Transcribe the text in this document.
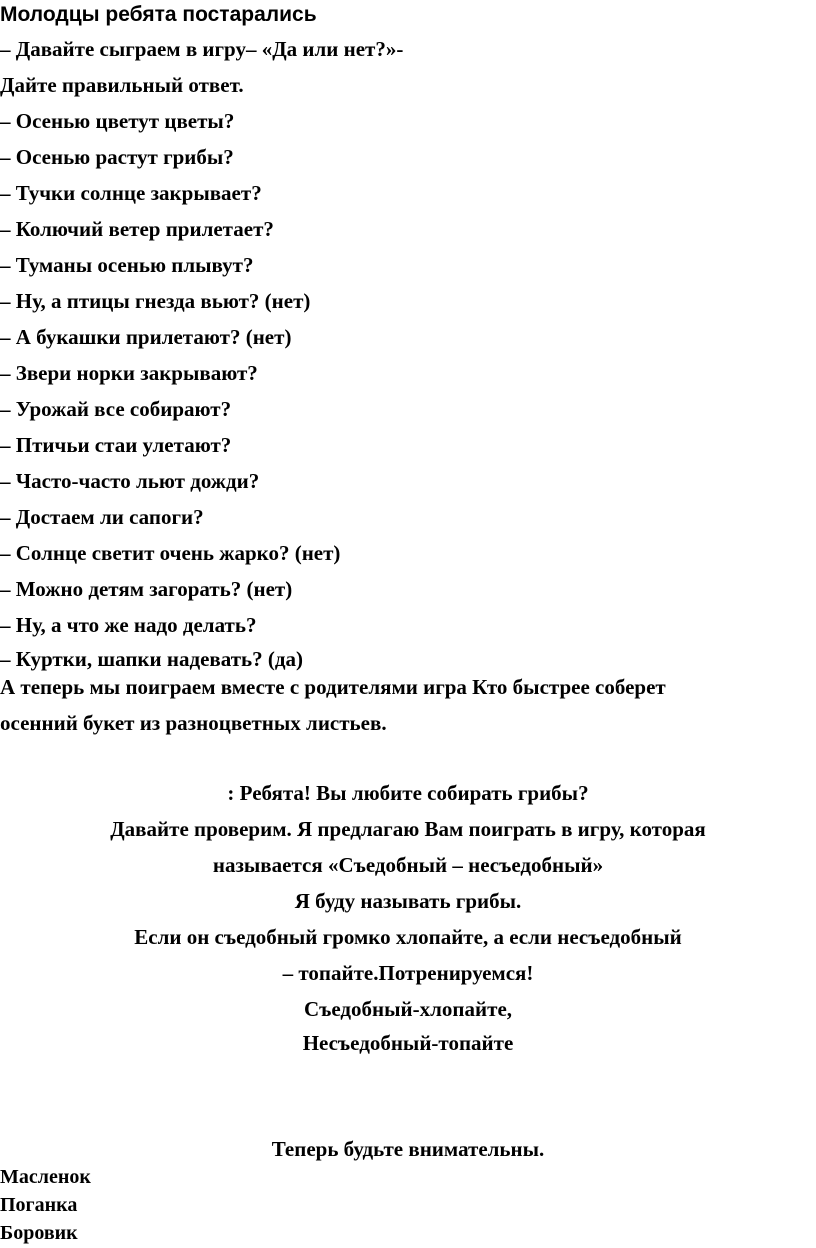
Молодцы ребята постарались
– Давайте сыграем в игру– «Да или нет?»-
Дайте правильный ответ.
– Осенью цветут цветы?
– Осенью растут грибы?
– Тучки солнце закрывает?
– Колючий ветер прилетает?
– Туманы осенью плывут?
– Ну, а птицы гнезда вьют? (нет)
– А букашки прилетают? (нет)
– Звери норки закрывают?
– Урожай все собирают?
– Птичьи стаи улетают?
– Часто-часто льют дожди?
– Достаем ли сапоги?
– Солнце светит очень жарко? (нет)
– Можно детям загорать? (нет)
– Ну, а что же надо делать?
– Куртки, шапки надевать? (да)
А теперь мы поиграем вместе с родителями игра Кто быстрее соберет
осенний букет из разноцветных листьев.
: Ребята! Вы любите собирать грибы?
Давайте проверим. Я предлагаю Вам поиграть в игру, которая
называется «Съедобный – несъедобный»
Я буду называть грибы.
Если он съедобный громко хлопайте, а если несъедобный
– топайте.Потренируемся!
Съедобный-хлопайте,
Несъедобный-топайте
Теперь будьте внимательны.
Масленок
Поганка
Боровик
